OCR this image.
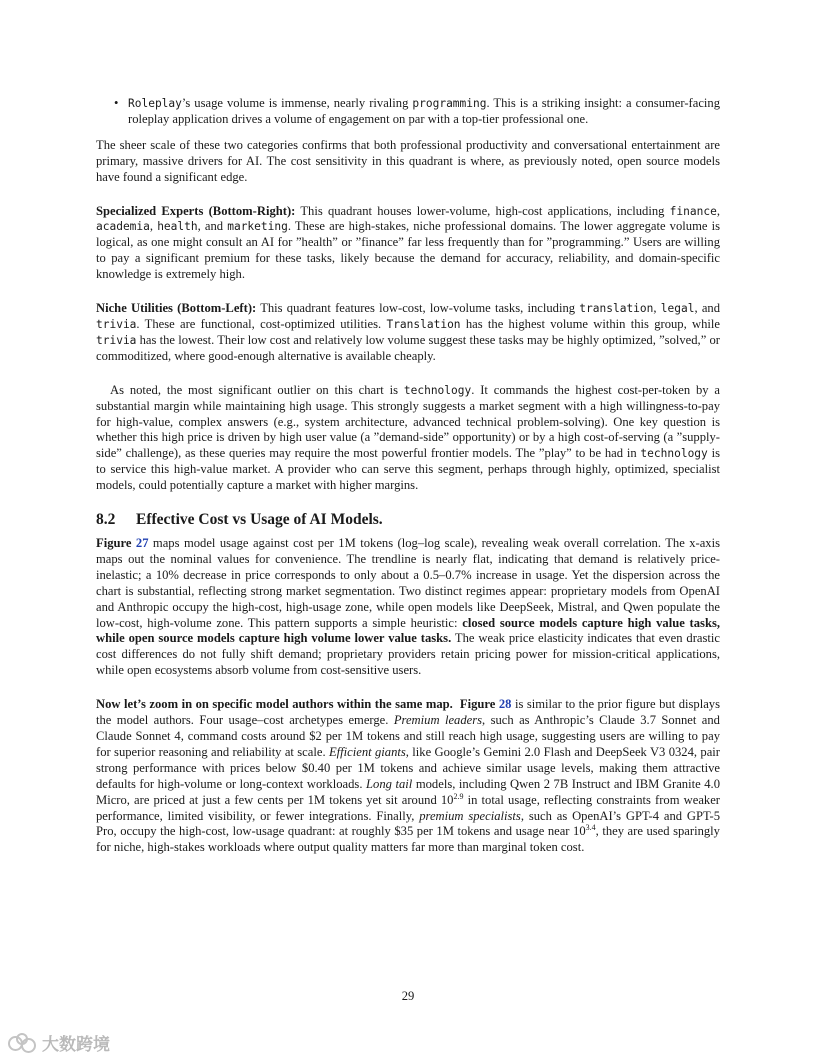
• Roleplay’s usage volume is immense, nearly rivaling programming. This is a striking insight: a consumer-facing roleplay application drives a volume of engagement on par with a top-tier professional one.

The sheer scale of these two categories confirms that both professional productivity and conversational entertainment are primary, massive drivers for AI. The cost sensitivity in this quadrant is where, as previously noted, open source models have found a significant edge.

Specialized Experts (Bottom-Right): This quadrant houses lower-volume, high-cost applications, including finance, academia, health, and marketing. These are high-stakes, niche professional domains. The lower aggregate volume is logical, as one might consult an AI for ”health” or ”finance” far less frequently than for ”programming.” Users are willing to pay a significant premium for these tasks, likely because the demand for accuracy, reliability, and domain-specific knowledge is extremely high.

Niche Utilities (Bottom-Left): This quadrant features low-cost, low-volume tasks, including translation, legal, and trivia. These are functional, cost-optimized utilities. Translation has the highest volume within this group, while trivia has the lowest. Their low cost and relatively low volume suggest these tasks may be highly optimized, ”solved,” or commoditized, where good-enough alternative is available cheaply.

As noted, the most significant outlier on this chart is technology. It commands the highest cost-per-token by a substantial margin while maintaining high usage. This strongly suggests a market segment with a high willingness-to-pay for high-value, complex answers (e.g., system architecture, advanced technical problem-solving). One key question is whether this high price is driven by high user value (a ”demand-side” opportunity) or by a high cost-of-serving (a ”supply-side” challenge), as these queries may require the most powerful frontier models. The ”play” to be had in technology is to service this high-value market. A provider who can serve this segment, perhaps through highly, optimized, specialist models, could potentially capture a market with higher margins.

8.2 Effective Cost vs Usage of AI Models.

Figure 27 maps model usage against cost per 1M tokens (log–log scale), revealing weak overall correlation. The x-axis maps out the nominal values for convenience. The trendline is nearly flat, indicating that demand is relatively price-inelastic; a 10% decrease in price corresponds to only about a 0.5–0.7% increase in usage. Yet the dispersion across the chart is substantial, reflecting strong market segmentation. Two distinct regimes appear: proprietary models from OpenAI and Anthropic occupy the high-cost, high-usage zone, while open models like DeepSeek, Mistral, and Qwen populate the low-cost, high-volume zone. This pattern supports a simple heuristic: closed source models capture high value tasks, while open source models capture high volume lower value tasks. The weak price elasticity indicates that even drastic cost differences do not fully shift demand; proprietary providers retain pricing power for mission-critical applications, while open ecosystems absorb volume from cost-sensitive users.

Now let’s zoom in on specific model authors within the same map. Figure 28 is similar to the prior figure but displays the model authors. Four usage–cost archetypes emerge. Premium leaders, such as Anthropic’s Claude 3.7 Sonnet and Claude Sonnet 4, command costs around $2 per 1M tokens and still reach high usage, suggesting users are willing to pay for superior reasoning and reliability at scale. Efficient giants, like Google’s Gemini 2.0 Flash and DeepSeek V3 0324, pair strong performance with prices below $0.40 per 1M tokens and achieve similar usage levels, making them attractive defaults for high-volume or long-context workloads. Long tail models, including Qwen 2 7B Instruct and IBM Granite 4.0 Micro, are priced at just a few cents per 1M tokens yet sit around $10^{2.9}$ in total usage, reflecting constraints from weaker performance, limited visibility, or fewer integrations. Finally, premium specialists, such as OpenAI’s GPT-4 and GPT-5 Pro, occupy the high-cost, low-usage quadrant: at roughly $35 per 1M tokens and usage near $10^{3.4}$, they are used sparingly for niche, high-stakes workloads where output quality matters far more than marginal token cost.

29
大数跨境
